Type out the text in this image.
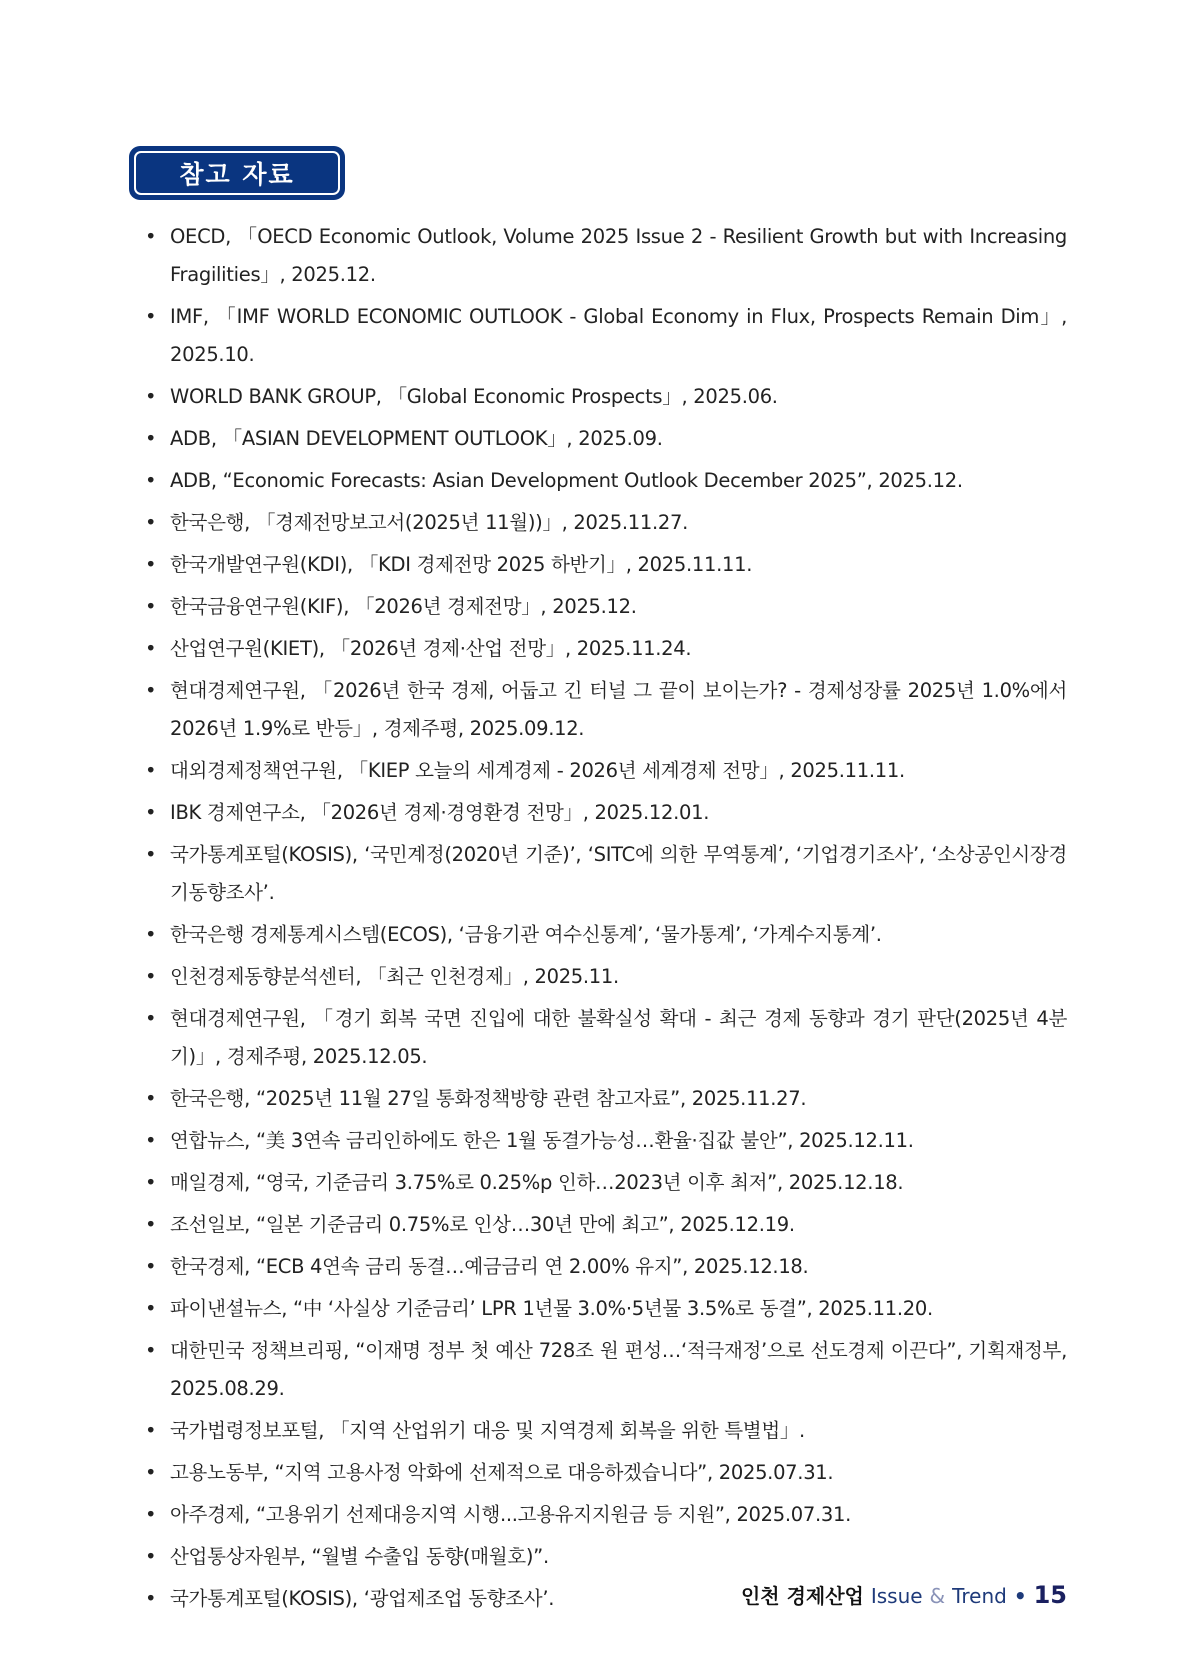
참고 자료
• OECD, 「OECD Economic Outlook, Volume 2025 Issue 2 - Resilient Growth but with Increasing Fragilities」, 2025.12.
• IMF, 「IMF WORLD ECONOMIC OUTLOOK - Global Economy in Flux, Prospects Remain Dim」, 2025.10.
• WORLD BANK GROUP, 「Global Economic Prospects」, 2025.06.
• ADB, 「ASIAN DEVELOPMENT OUTLOOK」, 2025.09.
• ADB, “Economic Forecasts: Asian Development Outlook December 2025”, 2025.12.
• 한국은행, 「경제전망보고서(2025년 11월))」, 2025.11.27.
• 한국개발연구원(KDI), 「KDI 경제전망 2025 하반기」, 2025.11.11.
• 한국금융연구원(KIF), 「2026년 경제전망」, 2025.12.
• 산업연구원(KIET), 「2026년 경제·산업 전망」, 2025.11.24.
• 현대경제연구원, 「2026년 한국 경제, 어둡고 긴 터널 그 끝이 보이는가? - 경제성장률 2025년 1.0%에서 2026년 1.9%로 반등」, 경제주평, 2025.09.12.
• 대외경제정책연구원, 「KIEP 오늘의 세계경제 - 2026년 세계경제 전망」, 2025.11.11.
• IBK 경제연구소, 「2026년 경제·경영환경 전망」, 2025.12.01.
• 국가통계포털(KOSIS), ‘국민계정(2020년 기준)’, ‘SITC에 의한 무역통계’, ‘기업경기조사’, ‘소상공인시장경기동향조사’.
• 한국은행 경제통계시스템(ECOS), ‘금융기관 여수신통계’, ‘물가통계’, ‘가계수지통계’.
• 인천경제동향분석센터, 「최근 인천경제」, 2025.11.
• 현대경제연구원, 「경기 회복 국면 진입에 대한 불확실성 확대 - 최근 경제 동향과 경기 판단(2025년 4분기)」, 경제주평, 2025.12.05.
• 한국은행, “2025년 11월 27일 통화정책방향 관련 참고자료”, 2025.11.27.
• 연합뉴스, “美 3연속 금리인하에도 한은 1월 동결가능성…환율·집값 불안”, 2025.12.11.
• 매일경제, “영국, 기준금리 3.75%로 0.25%p 인하…2023년 이후 최저”, 2025.12.18.
• 조선일보, “일본 기준금리 0.75%로 인상…30년 만에 최고”, 2025.12.19.
• 한국경제, “ECB 4연속 금리 동결…예금금리 연 2.00% 유지”, 2025.12.18.
• 파이낸셜뉴스, “中 ‘사실상 기준금리’ LPR 1년물 3.0%·5년물 3.5%로 동결”, 2025.11.20.
• 대한민국 정책브리핑, “이재명 정부 첫 예산 728조 원 편성…‘적극재정’으로 선도경제 이끈다”, 기획재정부, 2025.08.29.
• 국가법령정보포털, 「지역 산업위기 대응 및 지역경제 회복을 위한 특별법」.
• 고용노동부, “지역 고용사정 악화에 선제적으로 대응하겠습니다”, 2025.07.31.
• 아주경제, “고용위기 선제대응지역 시행...고용유지지원금 등 지원”, 2025.07.31.
• 산업통상자원부, “월별 수출입 동향(매월호)”.
• 국가통계포털(KOSIS), ‘광업제조업 동향조사’.	인천 경제산업 Issue & Trend • 15
